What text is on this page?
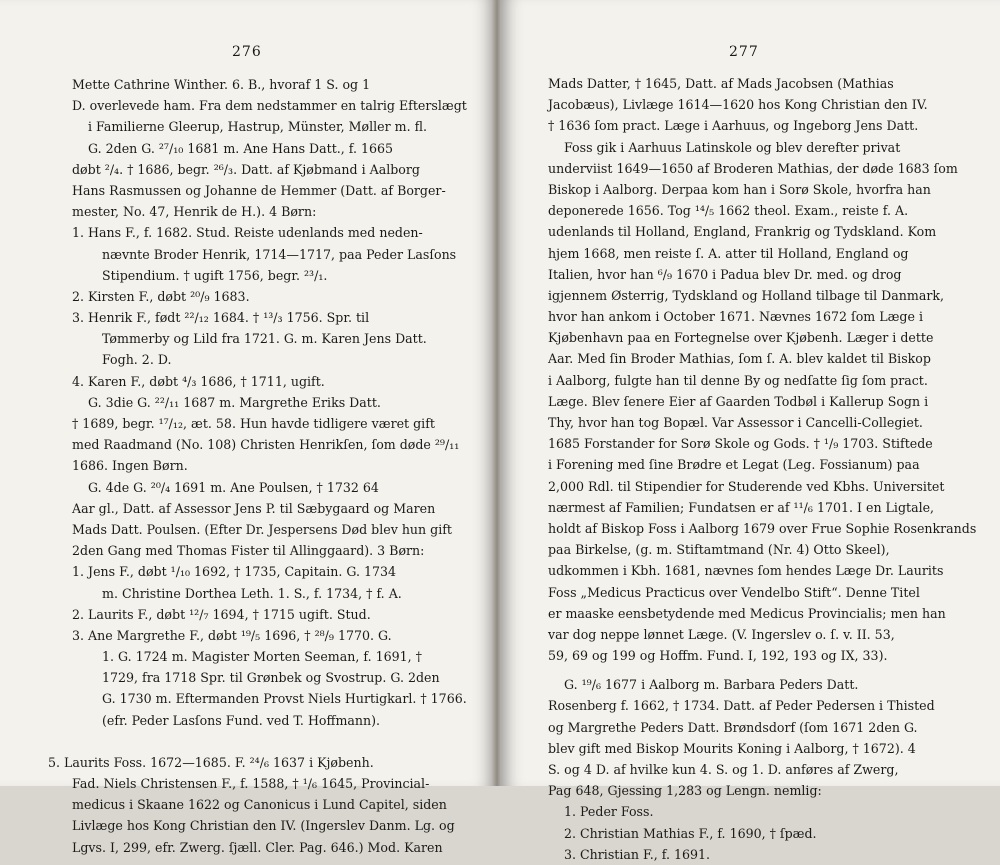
276
Mette Cathrine Winther. 6. B., hvoraf 1 S. og 1
D. overlevede ham. Fra dem nedstammer en talrig Efterslægt
i Familierne Gleerup, Hastrup, Münster, Møller m. fl.
G. 2den G. ²⁷/₁₀ 1681 m. Ane Hans Datt., f. 1665
døbt ²/₄. † 1686, begr. ²⁶/₃. Datt. af Kjøbmand i Aalborg
Hans Rasmussen og Johanne de Hemmer (Datt. af Borger-
mester, No. 47, Henrik de H.). 4 Børn:
1. Hans F., f. 1682. Stud. Reiste udenlands med neden-
nævnte Broder Henrik, 1714—1717, paa Peder Lasſons
Stipendium. † ugift 1756, begr. ²³/₁.
2. Kirsten F., døbt ²⁰/₉ 1683.
3. Henrik F., født ²²/₁₂ 1684. † ¹³/₃ 1756. Spr. til
Tømmerby og Lild fra 1721. G. m. Karen Jens Datt.
Fogh. 2. D.
4. Karen F., døbt ⁴/₃ 1686, † 1711, ugift.
G. 3die G. ²²/₁₁ 1687 m. Margrethe Eriks Datt.
† 1689, begr. ¹⁷/₁₂, æt. 58. Hun havde tidligere været gift
med Raadmand (No. 108) Christen Henrikſen, ſom døde ²⁹/₁₁
1686. Ingen Børn.
G. 4de G. ²⁰/₄ 1691 m. Ane Poulsen, † 1732 64
Aar gl., Datt. af Assessor Jens P. til Sæbygaard og Maren
Mads Datt. Poulsen. (Efter Dr. Jespersens Død blev hun gift
2den Gang med Thomas Fister til Allinggaard). 3 Børn:
1. Jens F., døbt ¹/₁₀ 1692, † 1735, Capitain. G. 1734
m. Christine Dorthea Leth. 1. S., f. 1734, † f. A.
2. Laurits F., døbt ¹²/₇ 1694, † 1715 ugift. Stud.
3. Ane Margrethe F., døbt ¹⁹/₅ 1696, † ²⁸/₉ 1770. G.
1. G. 1724 m. Magister Morten Seeman, f. 1691, †
1729, fra 1718 Spr. til Grønbek og Svostrup. G. 2den
G. 1730 m. Eftermanden Provst Niels Hurtigkarl. † 1766.
(efr. Peder Lasſons Fund. ved T. Hoffmann).
5. Laurits Foss. 1672—1685. F. ²⁴/₆ 1637 i Kjøbenh.
Fad. Niels Christensen F., f. 1588, † ¹/₆ 1645, Provincial-
medicus i Skaane 1622 og Canonicus i Lund Capitel, siden
Livlæge hos Kong Christian den IV. (Ingerslev Danm. Lg. og
Lgvs. I, 299, efr. Zwerg. ſjæll. Cler. Pag. 646.) Mod. Karen
277
Mads Datter, † 1645, Datt. af Mads Jacobsen (Mathias
Jacobæus), Livlæge 1614—1620 hos Kong Christian den IV.
† 1636 ſom pract. Læge i Aarhuus, og Ingeborg Jens Datt.
Foss gik i Aarhuus Latinskole og blev derefter privat
underviist 1649—1650 af Broderen Mathias, der døde 1683 ſom
Biskop i Aalborg. Derpaa kom han i Sorø Skole, hvorfra han
deponerede 1656. Tog ¹⁴/₅ 1662 theol. Exam., reiste f. A.
udenlands til Holland, England, Frankrig og Tydskland. Kom
hjem 1668, men reiste ſ. A. atter til Holland, England og
Italien, hvor han ⁶/₉ 1670 i Padua blev Dr. med. og drog
igjennem Østerrig, Tydskland og Holland tilbage til Danmark,
hvor han ankom i October 1671. Nævnes 1672 ſom Læge i
Kjøbenhavn paa en Fortegnelse over Kjøbenh. Læger i dette
Aar. Med ſin Broder Mathias, ſom ſ. A. blev kaldet til Biskop
i Aalborg, fulgte han til denne By og nedſatte ſig ſom pract.
Læge. Blev ſenere Eier af Gaarden Todbøl i Kallerup Sogn i
Thy, hvor han tog Bopæl. Var Assessor i Cancelli-Collegiet.
1685 Forstander for Sorø Skole og Gods. † ¹/₉ 1703. Stiftede
i Forening med ſine Brødre et Legat (Leg. Fossianum) paa
2,000 Rdl. til Stipendier for Studerende ved Kbhs. Universitet
nærmest af Familien; Fundatsen er af ¹¹/₆ 1701. I en Ligtale,
holdt af Biskop Foss i Aalborg 1679 over Frue Sophie Rosenkrands
paa Birkelse, (g. m. Stiftamtmand (Nr. 4) Otto Skeel),
udkommen i Kbh. 1681, nævnes ſom hendes Læge Dr. Laurits
Foss „Medicus Practicus over Vendelbo Stift“. Denne Titel
er maaske eensbetydende med Medicus Provincialis; men han
var dog neppe lønnet Læge. (V. Ingerslev o. ſ. v. II. 53,
59, 69 og 199 og Hoffm. Fund. I, 192, 193 og IX, 33).
G. ¹⁹/₆ 1677 i Aalborg m. Barbara Peders Datt.
Rosenberg f. 1662, † 1734. Datt. af Peder Pedersen i Thisted
og Margrethe Peders Datt. Brøndsdorf (ſom 1671 2den G.
blev gift med Biskop Mourits Koning i Aalborg, † 1672). 4
S. og 4 D. af hvilke kun 4. S. og 1. D. anføres af Zwerg,
Pag 648, Gjessing 1,283 og Lengn. nemlig:
1. Peder Foss.
2. Christian Mathias F., f. 1690, † ſpæd.
3. Christian F., f. 1691.
